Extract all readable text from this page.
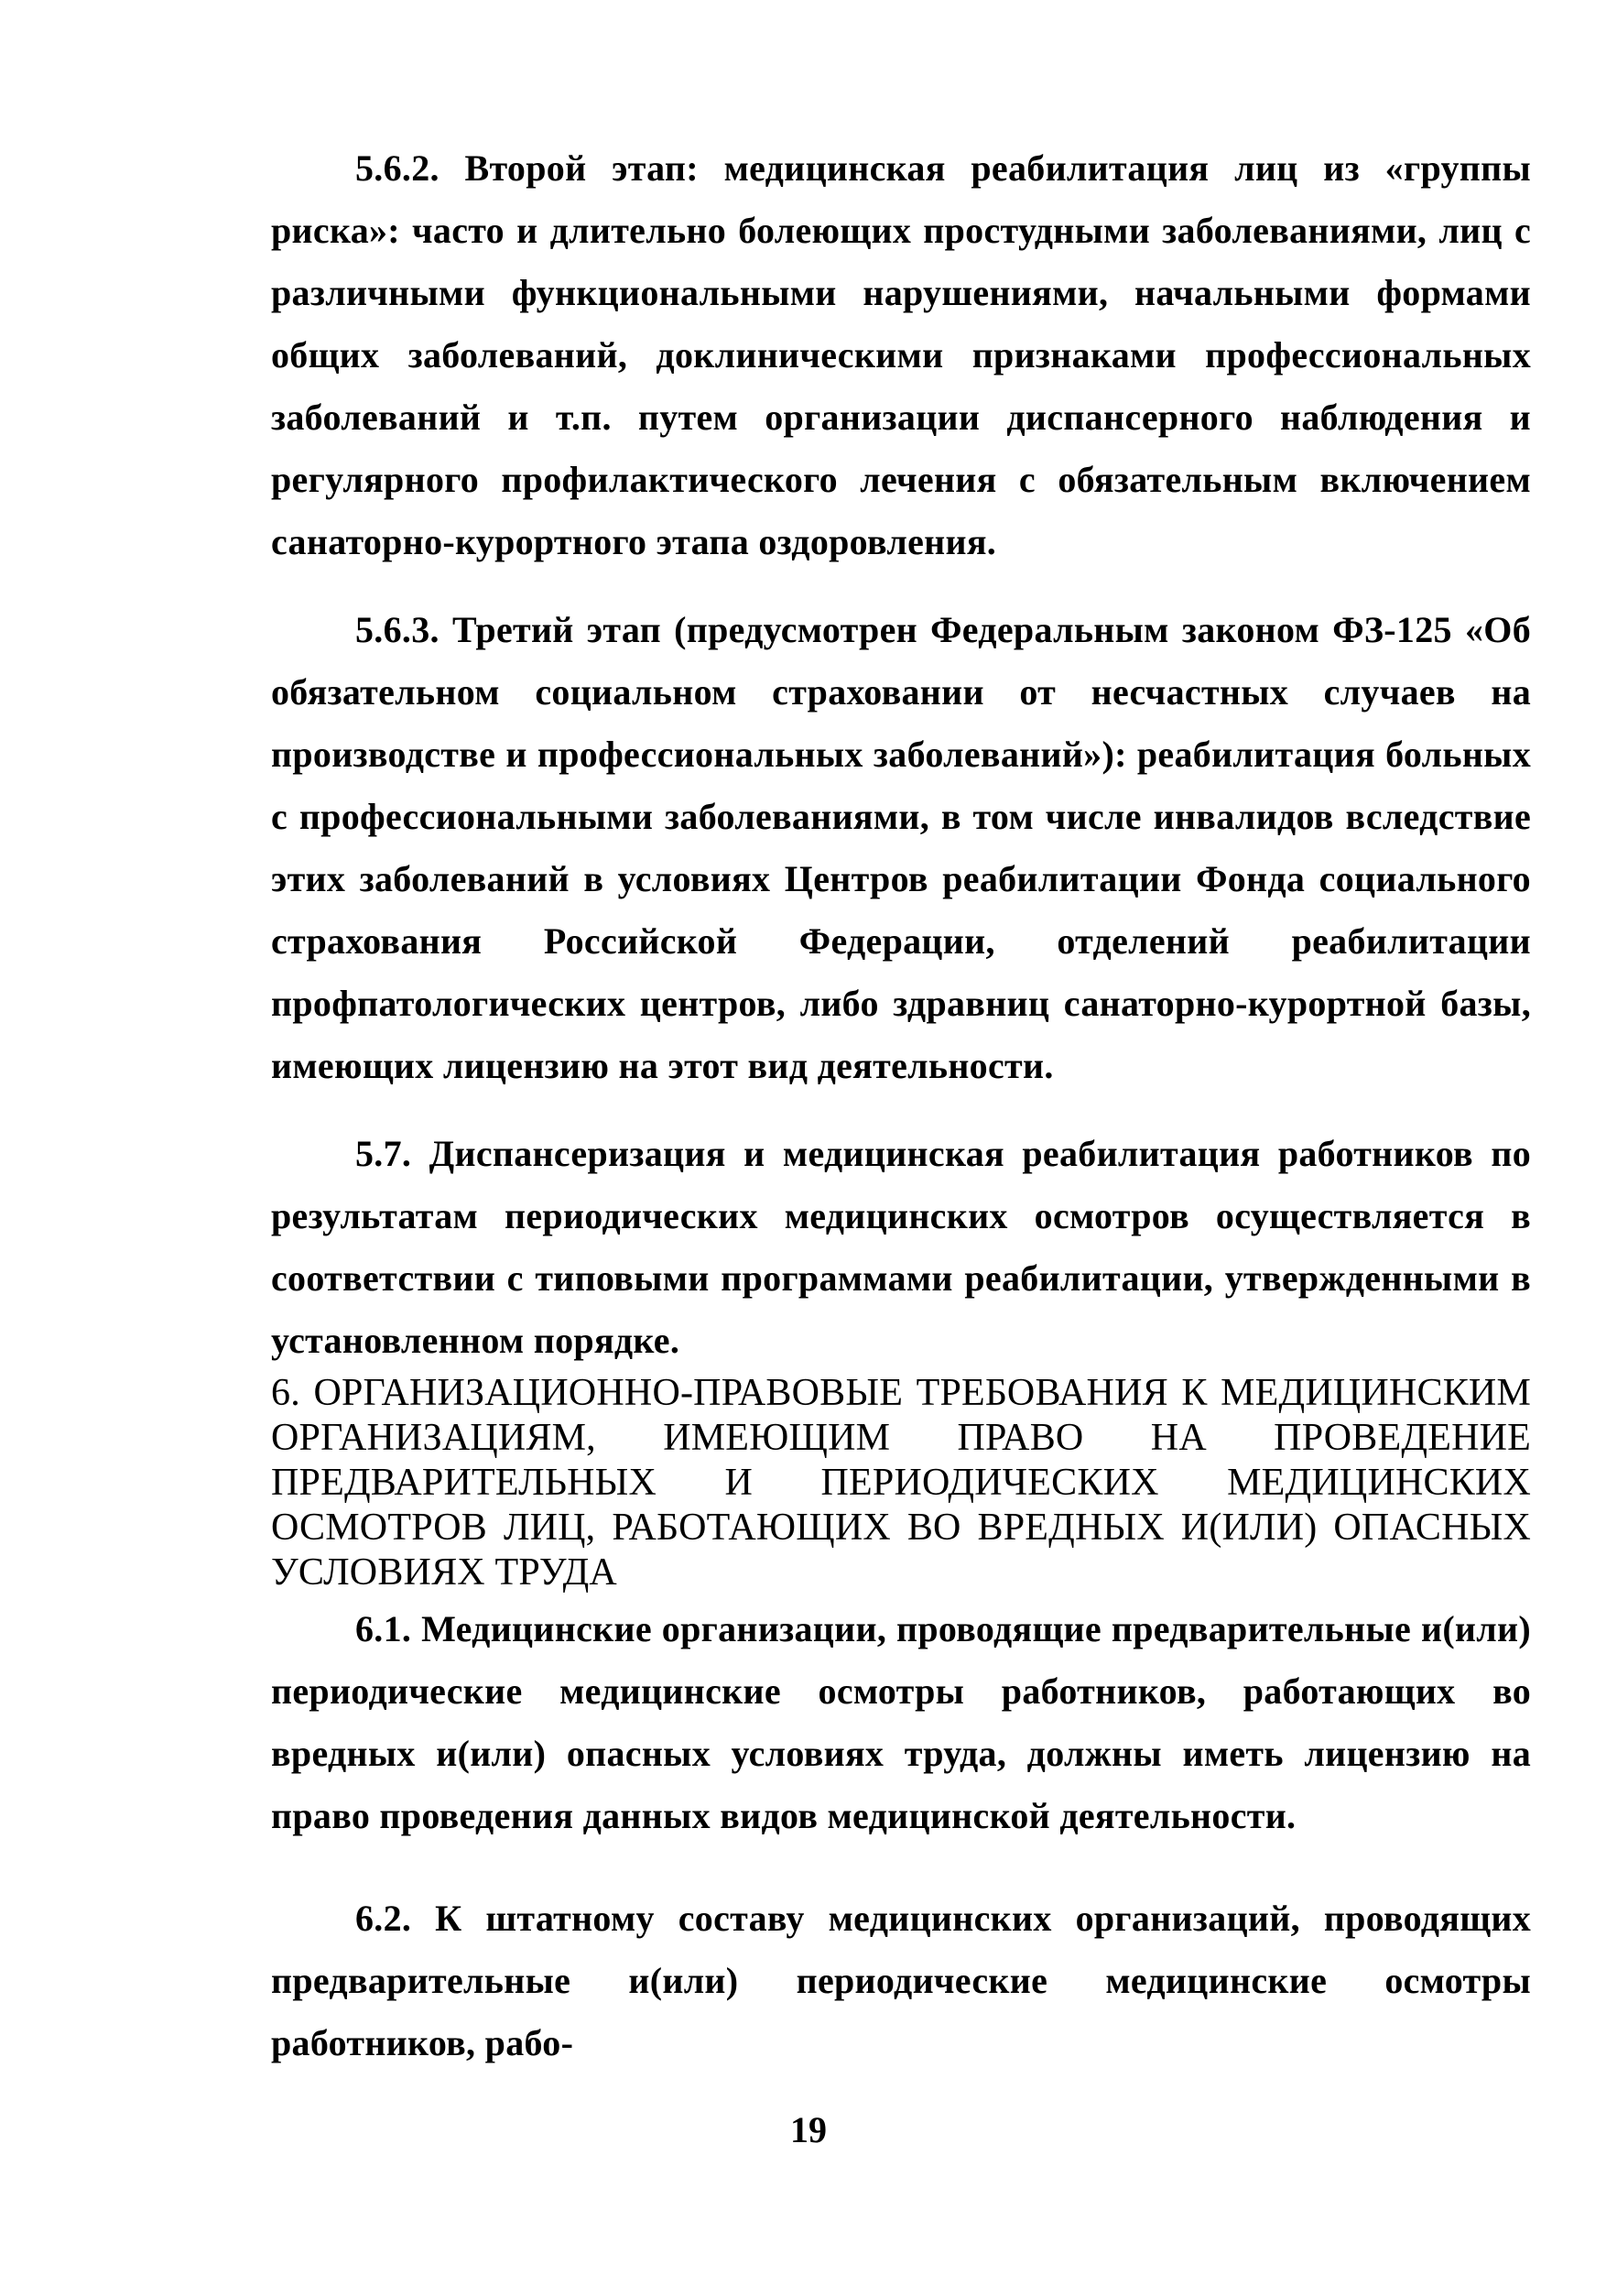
5.6.2. Второй этап: медицинская реабилитация лиц из «группы риска»: часто и длительно болеющих простудными заболеваниями, лиц с различными функциональными нарушениями, начальными формами общих заболеваний, доклиническими признаками профессиональных заболеваний и т.п. путем организации диспансерного наблюдения и регулярного профилактического лечения с обязательным включением санаторно-курортного этапа оздоровления.

5.6.3. Третий этап (предусмотрен Федеральным законом ФЗ-125 «Об обязательном социальном страховании от несчастных случаев на производстве и профессиональных заболеваний»): реабилитация больных с профессиональными заболеваниями, в том числе инвалидов вследствие этих заболеваний в условиях Центров реабилитации Фонда социального страхования Российской Федерации, отделений реабилитации профпатологических центров, либо здравниц санаторно-курортной базы, имеющих лицензию на этот вид деятельности.

5.7. Диспансеризация и медицинская реабилитация работников по результатам периодических медицинских осмотров осуществляется в соответствии с типовыми программами реабилитации, утвержденными в установленном порядке.

6. ОРГАНИЗАЦИОННО-ПРАВОВЫЕ ТРЕБОВАНИЯ К МЕДИЦИНСКИМ ОРГАНИЗАЦИЯМ, ИМЕЮЩИМ ПРАВО НА ПРОВЕДЕНИЕ ПРЕДВАРИТЕЛЬНЫХ И ПЕРИОДИЧЕСКИХ МЕДИЦИНСКИХ ОСМОТРОВ ЛИЦ, РАБОТАЮЩИХ ВО ВРЕДНЫХ И(ИЛИ) ОПАСНЫХ УСЛОВИЯХ ТРУДА

6.1. Медицинские организации, проводящие предварительные и(или) периодические медицинские осмотры работников, работающих во вредных и(или) опасных условиях труда, должны иметь лицензию на право проведения данных видов медицинской деятельности.

6.2. К штатному составу медицинских организаций, проводящих предварительные и(или) периодические медицинские осмотры работников, рабо-

19
